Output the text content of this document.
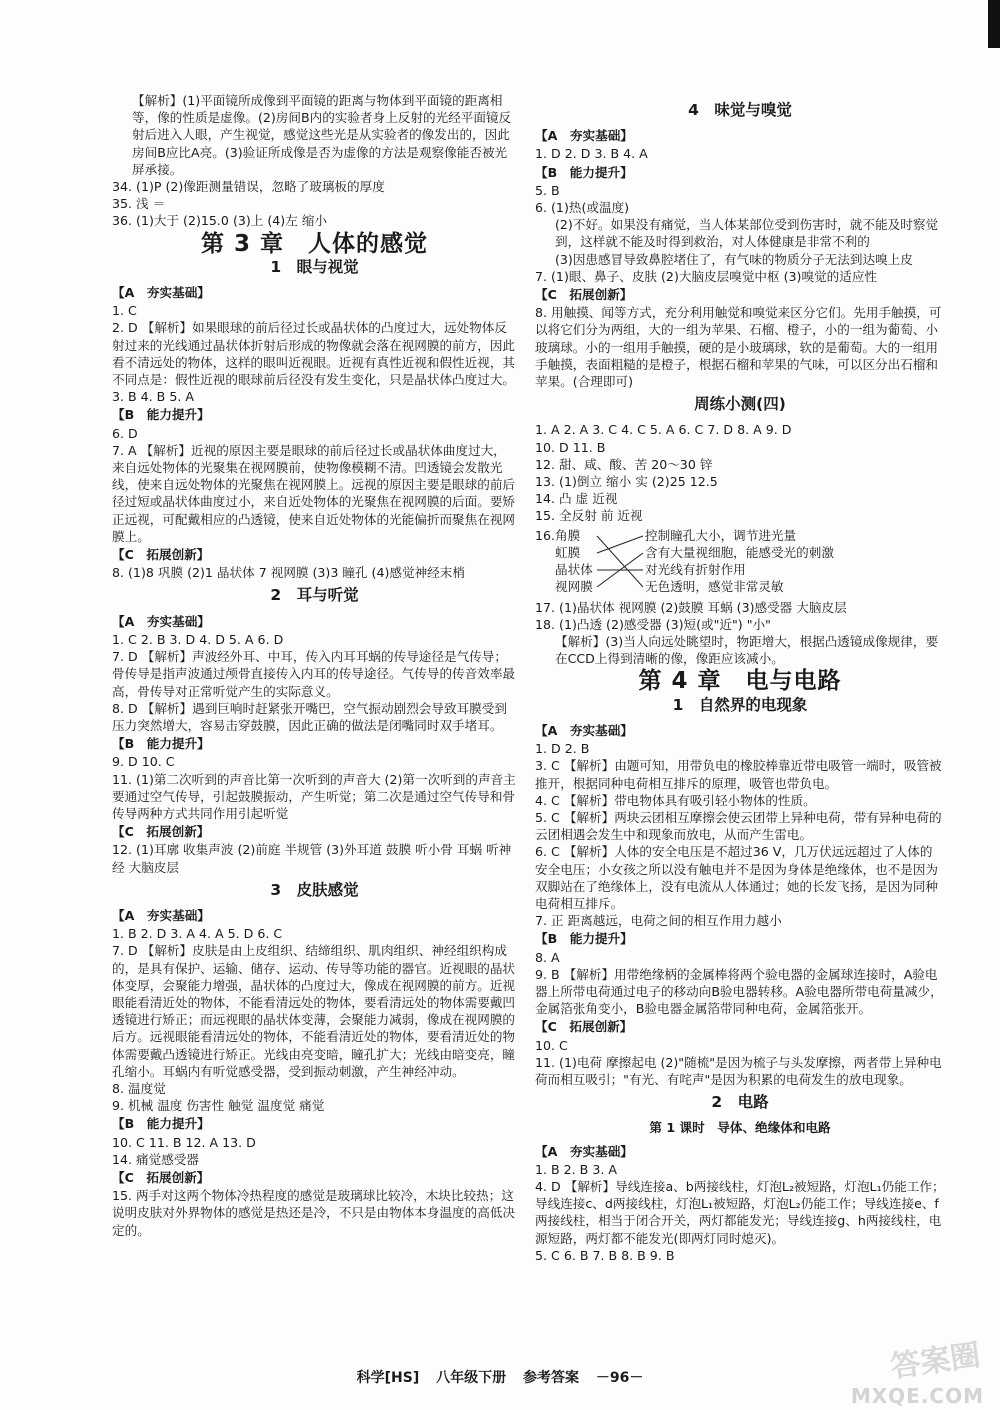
【解析】(1)平面镜所成像到平面镜的距离与物体到平面镜的距离相等，像的性质是虚像。(2)房间B内的实验者身上反射的光经平面镜反射后进入人眼，产生视觉，感觉这些光是从实验者的像发出的，因此房间B应比A亮。(3)验证所成像是否为虚像的方法是观察像能否被光屏承接。

34. (1)P (2)像距测量错误，忽略了玻璃板的厚度

35. 浅 ＝

36. (1)大于 (2)15.0 (3)上 (4)左 缩小

第 3 章　人体的感觉
1　眼与视觉

【A　夯实基础】

1. C

2. D 【解析】如果眼球的前后径过长或晶状体的凸度过大，远处物体反射过来的光线通过晶状体折射后形成的物像就会落在视网膜的前方，因此看不清远处的物体，这样的眼叫近视眼。近视有真性近视和假性近视，其不同点是：假性近视的眼球前后径没有发生变化，只是晶状体凸度过大。

3. B 4. B 5. A

【B　能力提升】

6. D

7. A 【解析】近视的原因主要是眼球的前后径过长或晶状体曲度过大，来自远处物体的光聚集在视网膜前，使物像模糊不清。凹透镜会发散光线，使来自远处物体的光聚焦在视网膜上。远视的原因主要是眼球的前后径过短或晶状体曲度过小，来自近处物体的光聚焦在视网膜的后面。要矫正远视，可配戴相应的凸透镜，使来自近处物体的光能偏折而聚焦在视网膜上。

【C　拓展创新】

8. (1)8 巩膜 (2)1 晶状体 7 视网膜 (3)3 瞳孔 (4)感觉神经末梢

2　耳与听觉

【A　夯实基础】

1. C 2. B 3. D 4. D 5. A 6. D

7. D 【解析】声波经外耳、中耳，传入内耳耳蜗的传导途径是气传导；骨传导是指声波通过颅骨直接传入内耳的传导途径。气传导的传音效率最高，骨传导对正常听觉产生的实际意义。

8. D 【解析】遇到巨响时赶紧张开嘴巴，空气振动剧烈会导致耳膜受到压力突然增大，容易击穿鼓膜，因此正确的做法是闭嘴同时双手堵耳。

【B　能力提升】

9. D 10. C

11. (1)第二次听到的声音比第一次听到的声音大 (2)第一次听到的声音主要通过空气传导，引起鼓膜振动，产生听觉；第二次是通过空气传导和骨传导两种方式共同作用引起听觉

【C　拓展创新】

12. (1)耳廓 收集声波 (2)前庭 半规管 (3)外耳道 鼓膜 听小骨 耳蜗 听神经 大脑皮层

3　皮肤感觉

【A　夯实基础】

1. B 2. D 3. A 4. A 5. D 6. C

7. D 【解析】皮肤是由上皮组织、结缔组织、肌肉组织、神经组织构成的，是具有保护、运输、储存、运动、传导等功能的器官。近视眼的晶状体变厚，会聚能力增强，晶状体的凸度过大，像成在视网膜的前方。近视眼能看清近处的物体，不能看清远处的物体，要看清远处的物体需要戴凹透镜进行矫正；而远视眼的晶状体变薄，会聚能力减弱，像成在视网膜的后方。远视眼能看清远处的物体，不能看清近处的物体，要看清近处的物体需要戴凸透镜进行矫正。光线由亮变暗，瞳孔扩大；光线由暗变亮，瞳孔缩小。耳蜗内有听觉感受器，受到振动刺激，产生神经冲动。

8. 温度觉

9. 机械 温度 伤害性 触觉 温度觉 痛觉

【B　能力提升】

10. C 11. B 12. A 13. D

14. 痛觉感受器

【C　拓展创新】

15. 两手对这两个物体冷热程度的感觉是玻璃球比较冷，木块比较热；这说明皮肤对外界物体的感觉是热还是冷，不只是由物体本身温度的高低决定的。

4　味觉与嗅觉

【A　夯实基础】

1. D 2. D 3. B 4. A

【B　能力提升】

5. B

6. (1)热(或温度)

(2)不好。如果没有痛觉，当人体某部位受到伤害时，就不能及时察觉到，这样就不能及时得到救治，对人体健康是非常不利的

(3)因患感冒导致鼻腔堵住了，有气味的物质分子无法到达嗅上皮

7. (1)眼、鼻子、皮肤 (2)大脑皮层嗅觉中枢 (3)嗅觉的适应性

【C　拓展创新】

8. 用触摸、闻等方式，充分利用触觉和嗅觉来区分它们。先用手触摸，可以将它们分为两组，大的一组为苹果、石榴、橙子，小的一组为葡萄、小玻璃球。小的一组用手触摸，硬的是小玻璃球，软的是葡萄。大的一组用手触摸，表面粗糙的是橙子，根据石榴和苹果的气味，可以区分出石榴和苹果。(合理即可)

周练小测(四)

1. A 2. A 3. C 4. C 5. A 6. C 7. D 8. A 9. D

10. D 11. B

12. 甜、咸、酸、苦 20～30 锌

13. (1)倒立 缩小 实 (2)25 12.5

14. 凸 虚 近视

15. 全反射 前 近视

16. 角膜
虹膜
晶状体
视网膜
控制瞳孔大小，调节进光量
含有大量视细胞，能感受光的刺激
对光线有折射作用
无色透明，感觉非常灵敏

17. (1)晶状体 视网膜 (2)鼓膜 耳蜗 (3)感受器 大脑皮层

18. (1)凸透 (2)感受器 (3)短(或"近") "小"

【解析】(3)当人向远处眺望时，物距增大，根据凸透镜成像规律，要在CCD上得到清晰的像，像距应该减小。

第 4 章　电与电路
1　自然界的电现象

【A　夯实基础】

1. D 2. B

3. C 【解析】由题可知，用带负电的橡胶棒靠近带电吸管一端时，吸管被推开，根据同种电荷相互排斥的原理，吸管也带负电。

4. C 【解析】带电物体具有吸引轻小物体的性质。

5. C 【解析】两块云团相互摩擦会使云团带上异种电荷，带有异种电荷的云团相遇会发生中和现象而放电，从而产生雷电。

6. C 【解析】人体的安全电压是不超过36 V，几万伏远远超过了人体的安全电压；小女孩之所以没有触电并不是因为身体是绝缘体，也不是因为双脚站在了绝缘体上，没有电流从人体通过；她的长发飞扬，是因为同种电荷相互排斥。

7. 正 距离越远，电荷之间的相互作用力越小

【B　能力提升】

8. A

9. B 【解析】用带绝缘柄的金属棒将两个验电器的金属球连接时，A验电器上所带电荷通过电子的移动向B验电器转移。A验电器所带电荷量减少，金属箔张角变小，B验电器金属箔带同种电荷，金属箔张开。

【C　拓展创新】

10. C

11. (1)电荷 摩擦起电 (2)"随梳"是因为梳子与头发摩擦，两者带上异种电荷而相互吸引；"有光、有咤声"是因为积累的电荷发生的放电现象。

2　电路
第 1 课时　导体、绝缘体和电路

【A　夯实基础】

1. B 2. B 3. A

4. D 【解析】导线连接a、b两接线柱，灯泡L₂被短路，灯泡L₁仍能工作；导线连接c、d两接线柱，灯泡L₁被短路，灯泡L₂仍能工作；导线连接e、f两接线柱，相当于闭合开关，两灯都能发光；导线连接g、h两接线柱，电源短路，两灯都不能发光(即两灯同时熄灭)。

5. C 6. B 7. B 8. B 9. B

科学[HS] 八年级下册 参考答案 －96－	答案圈
MXQE.COM
